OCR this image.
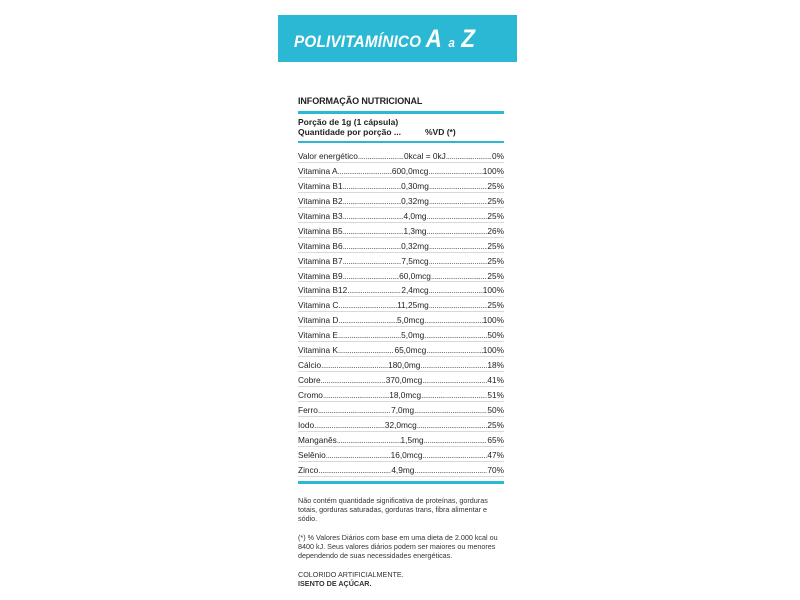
POLIVITAMÍNICO A a Z
INFORMAÇÃO NUTRICIONAL
Porção de 1g (1 cápsula)
Quantidade por porção ...	%VD (*)
Valor energético .....	0kcal = 0kJ .....	0%
Vitamina A .....	600,0mcg .....	100%
Vitamina B1 .....	0,30mg .....	25%
Vitamina B2 .....	0,32mg .....	25%
Vitamina B3 .....	4,0mg .....	25%
Vitamina B5 .....	1,3mg .....	26%
Vitamina B6 .....	0,32mg .....	25%
Vitamina B7 .....	7,5mcg .....	25%
Vitamina B9 .....	60,0mcg .....	25%
Vitamina B12 .....	2,4mcg .....	100%
Vitamina C .....	11,25mg .....	25%
Vitamina D .....	5,0mcg .....	100%
Vitamina E .....	5,0mg .....	50%
Vitamina K .....	65,0mcg .....	100%
Cálcio .....	180,0mg .....	18%
Cobre .....	370,0mcg .....	41%
Cromo .....	18,0mcg .....	51%
Ferro .....	7,0mg .....	50%
Iodo .....	32,0mcg .....	25%
Manganês .....	1,5mg .....	65%
Selênio .....	16,0mcg .....	47%
Zinco .....	4,9mg .....	70%
Não contém quantidade significativa de proteínas, gorduras totais, gorduras saturadas, gorduras trans, fibra alimentar e sódio.
(*) % Valores Diários com base em uma dieta de 2.000 kcal ou 8400 kJ. Seus valores diários podem ser maiores ou menores dependendo de suas necessidades energéticas.
COLORIDO ARTIFICIALMENTE.
ISENTO DE AÇÚCAR.
